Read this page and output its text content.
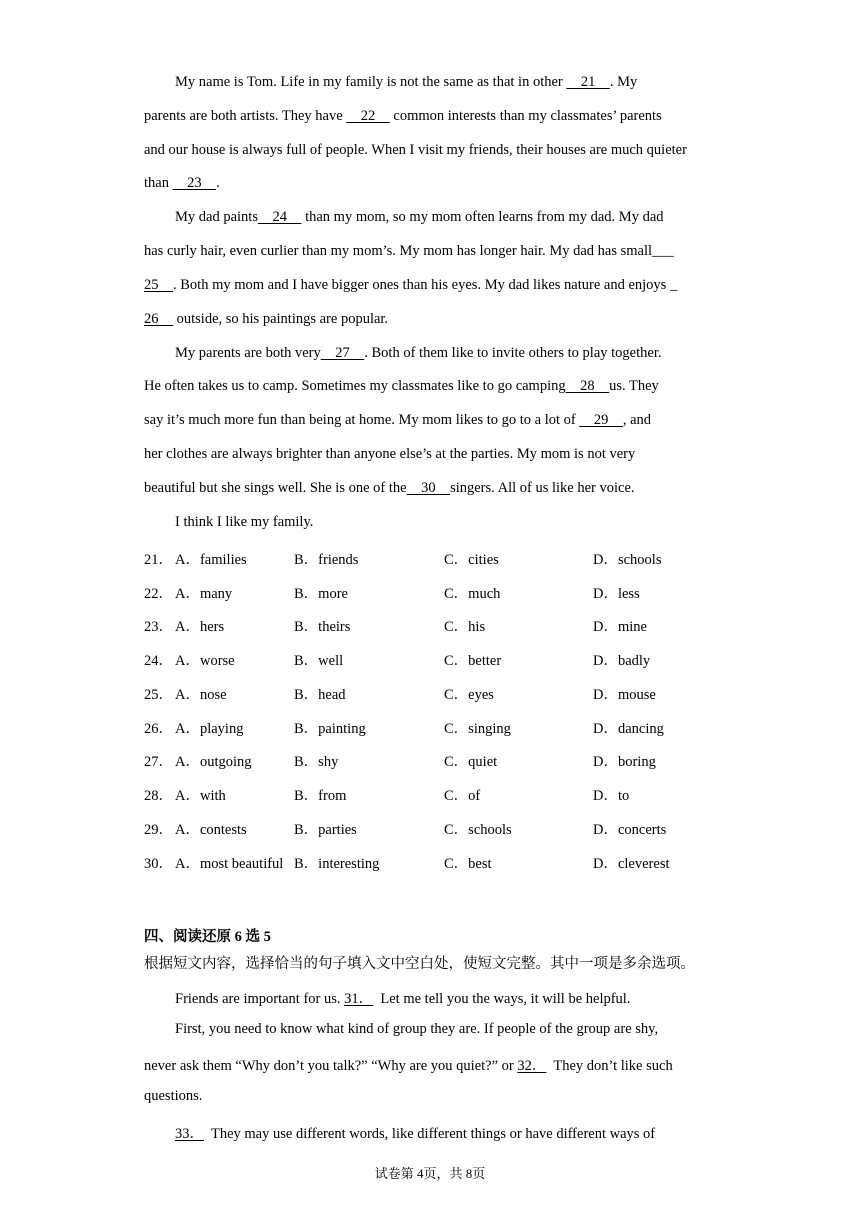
My name is Tom. Life in my family is not the same as that in other     21    . My
parents are both artists. They have     22     common interests than my classmates’ parents
and our house is always full of people. When I visit my friends, their houses are much quieter
than     23    .
My dad paints    24     than my mom, so my mom often learns from my dad. My dad
has curly hair, even curlier than my mom’s. My mom has longer hair. My dad has small___
25    . Both my mom and I have bigger ones than his eyes. My dad likes nature and enjoys _
26     outside, so his paintings are popular.
My parents are both very    27    . Both of them like to invite others to play together.
He often takes us to camp. Sometimes my classmates like to go camping    28    us. They
say it’s much more fun than being at home. My mom likes to go to a lot of     29    , and
her clothes are always brighter than anyone else’s at the parties. My mom is not very
beautiful but she sings well. She is one of the    30    singers. All of us like her voice.
I think I like my family.
21． A．families	B．friends	C．cities	D．schools
22． A．many	B．more	C．much	D．less
23． A．hers	B．theirs	C．his	D．mine
24． A．worse	B．well	C．better	D．badly
25． A．nose	B．head	C．eyes	D．mouse
26． A．playing	B．painting	C．singing	D．dancing
27． A．outgoing	B．shy	C．quiet	D．boring
28． A．with	B．from	C．of	D．to
29． A．contests	B．parties	C．schools	D．concerts
30． A．most beautiful B．interesting	C．best	D．cleverest
四、阅读还原 6 选 5
根据短文内容，选择恰当的句子填入文中空白处，使短文完整。其中一项是多余选项。
Friends are important for us. 31．  Let me tell you the ways, it will be helpful.
First, you need to know what kind of group they are. If people of the group are shy,
never ask them “Why don’t you talk?” “Why are you quiet?” or 32．  They don’t like such
questions.
33．  They may use different words, like different things or have different ways of
试卷第 4页，共 8页
